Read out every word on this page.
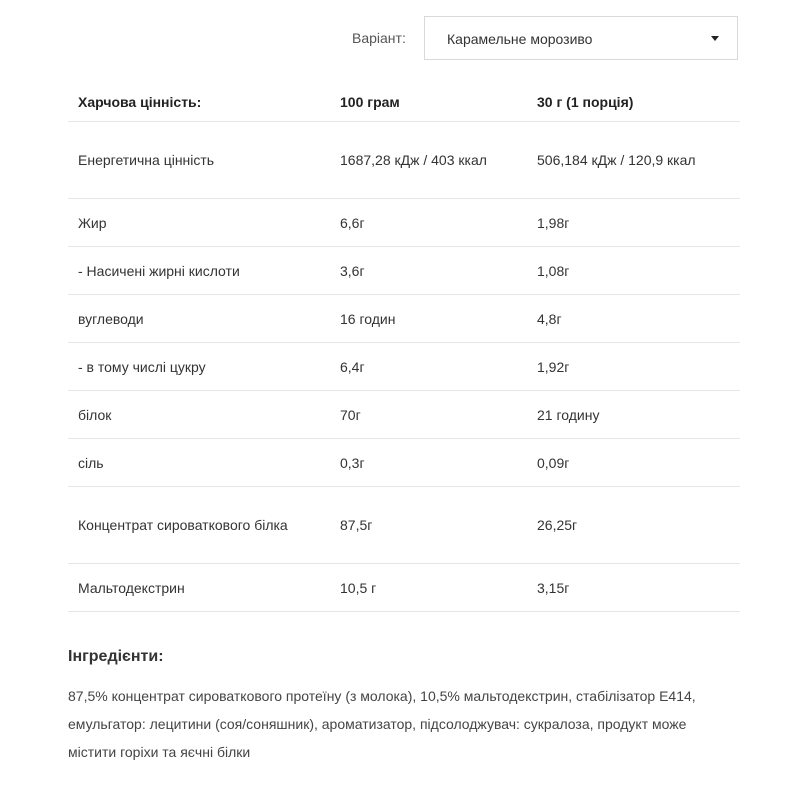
Варіант:	Карамельне морозиво
Харчова цінність:	100 грам	30 г (1 порція)
Енергетична цінність	1687,28 кДж / 403 ккал	506,184 кДж / 120,9 ккал
Жир	6,6г	1,98г
- Насичені жирні кислоти	3,6г	1,08г
вуглеводи	16 годин	4,8г
- в тому числі цукру	6,4г	1,92г
білок	70г	21 годину
сіль	0,3г	0,09г
Концентрат сироваткового білка	87,5г	26,25г
Мальтодекстрин	10,5 г	3,15г
Інгредієнти:
87,5% концентрат сироваткового протеїну (з молока), 10,5% мальтодекстрин, стабілізатор E414, емульгатор: лецитини (соя/соняшник), ароматизатор, підсолоджувач: сукралоза, продукт може містити горіхи та яєчні білки
